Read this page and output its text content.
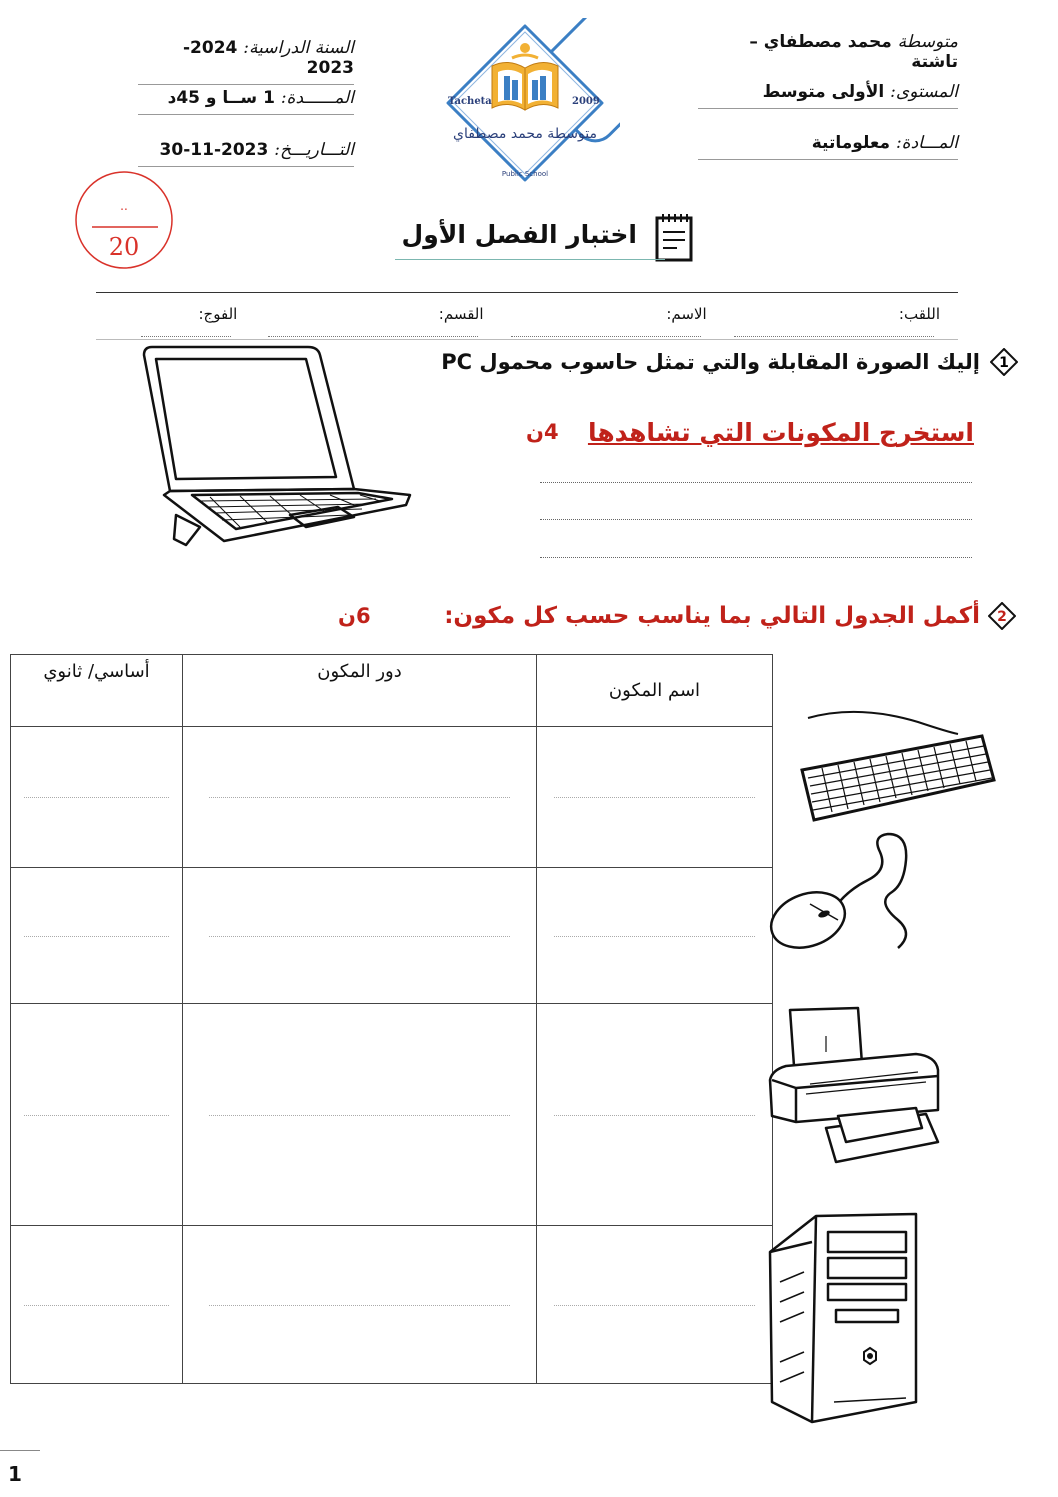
متوسطة محمد مصطفاي – تاشتة
المستوى: الأولى متوسط
المـــادة: معلوماتية
السنة الدراسية: 2024-2023
المــــــدة: 1 ســا و 45د
التـــاريـــخ: 2023-11-30
Tacheta	2009
متوسطة محمد مصطفاي
Public School
..
20	اختبار الفصل الأول
اللقب:
الاسم:
القسم:
الفوج:
1
إليك الصورة المقابلة والتي تمثل حاسوب محمول PC
استخرج المكونات التي تشاهدها
4ن
2
أكمل الجدول التالي بما يناسب حسب كل مكون:
6ن
أساسي/ ثانوي	دور المكون	اسم المكون

1
